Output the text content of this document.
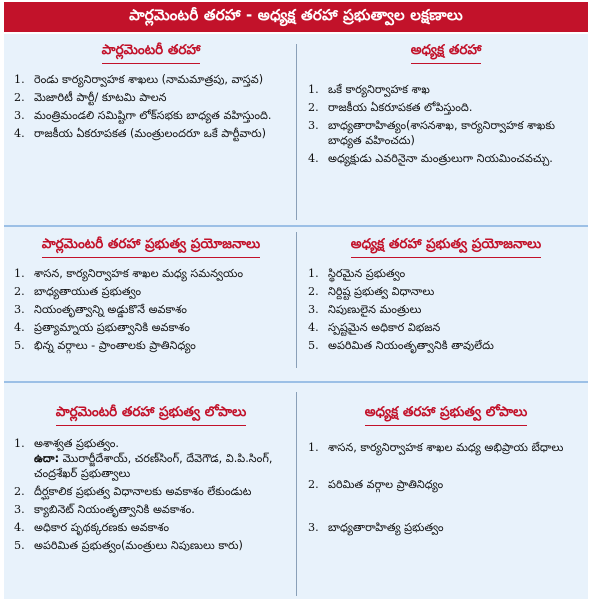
పార్లమెంటరీ తరహా - అధ్యక్ష తరహా ప్రభుత్వాల లక్షణాలు
పార్లమెంటరీ తరహా
1. రెండు కార్యనిర్వాహక శాఖలు (నామమాత్రపు, వాస్తవ)
2. మెజారిటీ పార్టీ/ కూటమి పాలన
3. మంత్రిమండలి సమిష్టిగా లోక్‌సభకు బాధ్యత వహిస్తుంది.
4. రాజకీయ ఏకరూపకత (మంత్రులందరూ ఒకే పార్టీవారు)
అధ్యక్ష తరహా
1. ఒకే కార్యనిర్వాహక శాఖ
2. రాజకీయ ఏకరూపకత లోపిస్తుంది.
3. బాధ్యతారాహిత్యం(శాసనశాఖ, కార్యనిర్వాహక శాఖకు బాధ్యత వహించదు)
4. అధ్యక్షుడు ఎవరినైనా మంత్రులుగా నియమించవచ్చు.
పార్లమెంటరీ తరహా ప్రభుత్వ ప్రయోజనాలు
1. శాసన, కార్యనిర్వాహక శాఖల మధ్య సమన్వయం
2. బాధ్యతాయుత ప్రభుత్వం
3. నియంతృత్వాన్ని అడ్డుకొనే అవకాశం
4. ప్రత్యామ్నాయ ప్రభుత్వానికి అవకాశం
5. భిన్న వర్గాలు - ప్రాంతాలకు ప్రాతినిధ్యం
అధ్యక్ష తరహా ప్రభుత్వ ప్రయోజనాలు
1. స్థిరమైన ప్రభుత్వం
2. నిర్దిష్ట ప్రభుత్వ విధానాలు
3. నిపుణులైన మంత్రులు
4. స్పష్టమైన అధికార విభజన
5. అపరిమిత నియంతృత్వానికి తావులేదు
పార్లమెంటరీ తరహా ప్రభుత్వ లోపాలు
1. అశాశ్వత ప్రభుత్వం.
ఉదా: మొరార్జీదేశాయ్, చరణ్‌సింగ్, దేవెగౌడ, వి.పి.సింగ్, చంద్రశేఖర్ ప్రభుత్వాలు
2. దీర్ఘకాలిక ప్రభుత్వ విధానాలకు అవకాశం లేకుండుట
3. క్యాబినెట్ నియంతృత్వానికి అవకాశం.
4. అధికార పృథక్కరణకు అవకాశం
5. అపరిమిత ప్రభుత్వం(మంత్రులు నిపుణులు కారు)
అధ్యక్ష తరహా ప్రభుత్వ లోపాలు
1. శాసన, కార్యనిర్వాహక శాఖల మధ్య అభిప్రాయ బేధాలు
2. పరిమిత వర్గాల ప్రాతినిధ్యం
3. బాధ్యతారాహిత్య ప్రభుత్వం
